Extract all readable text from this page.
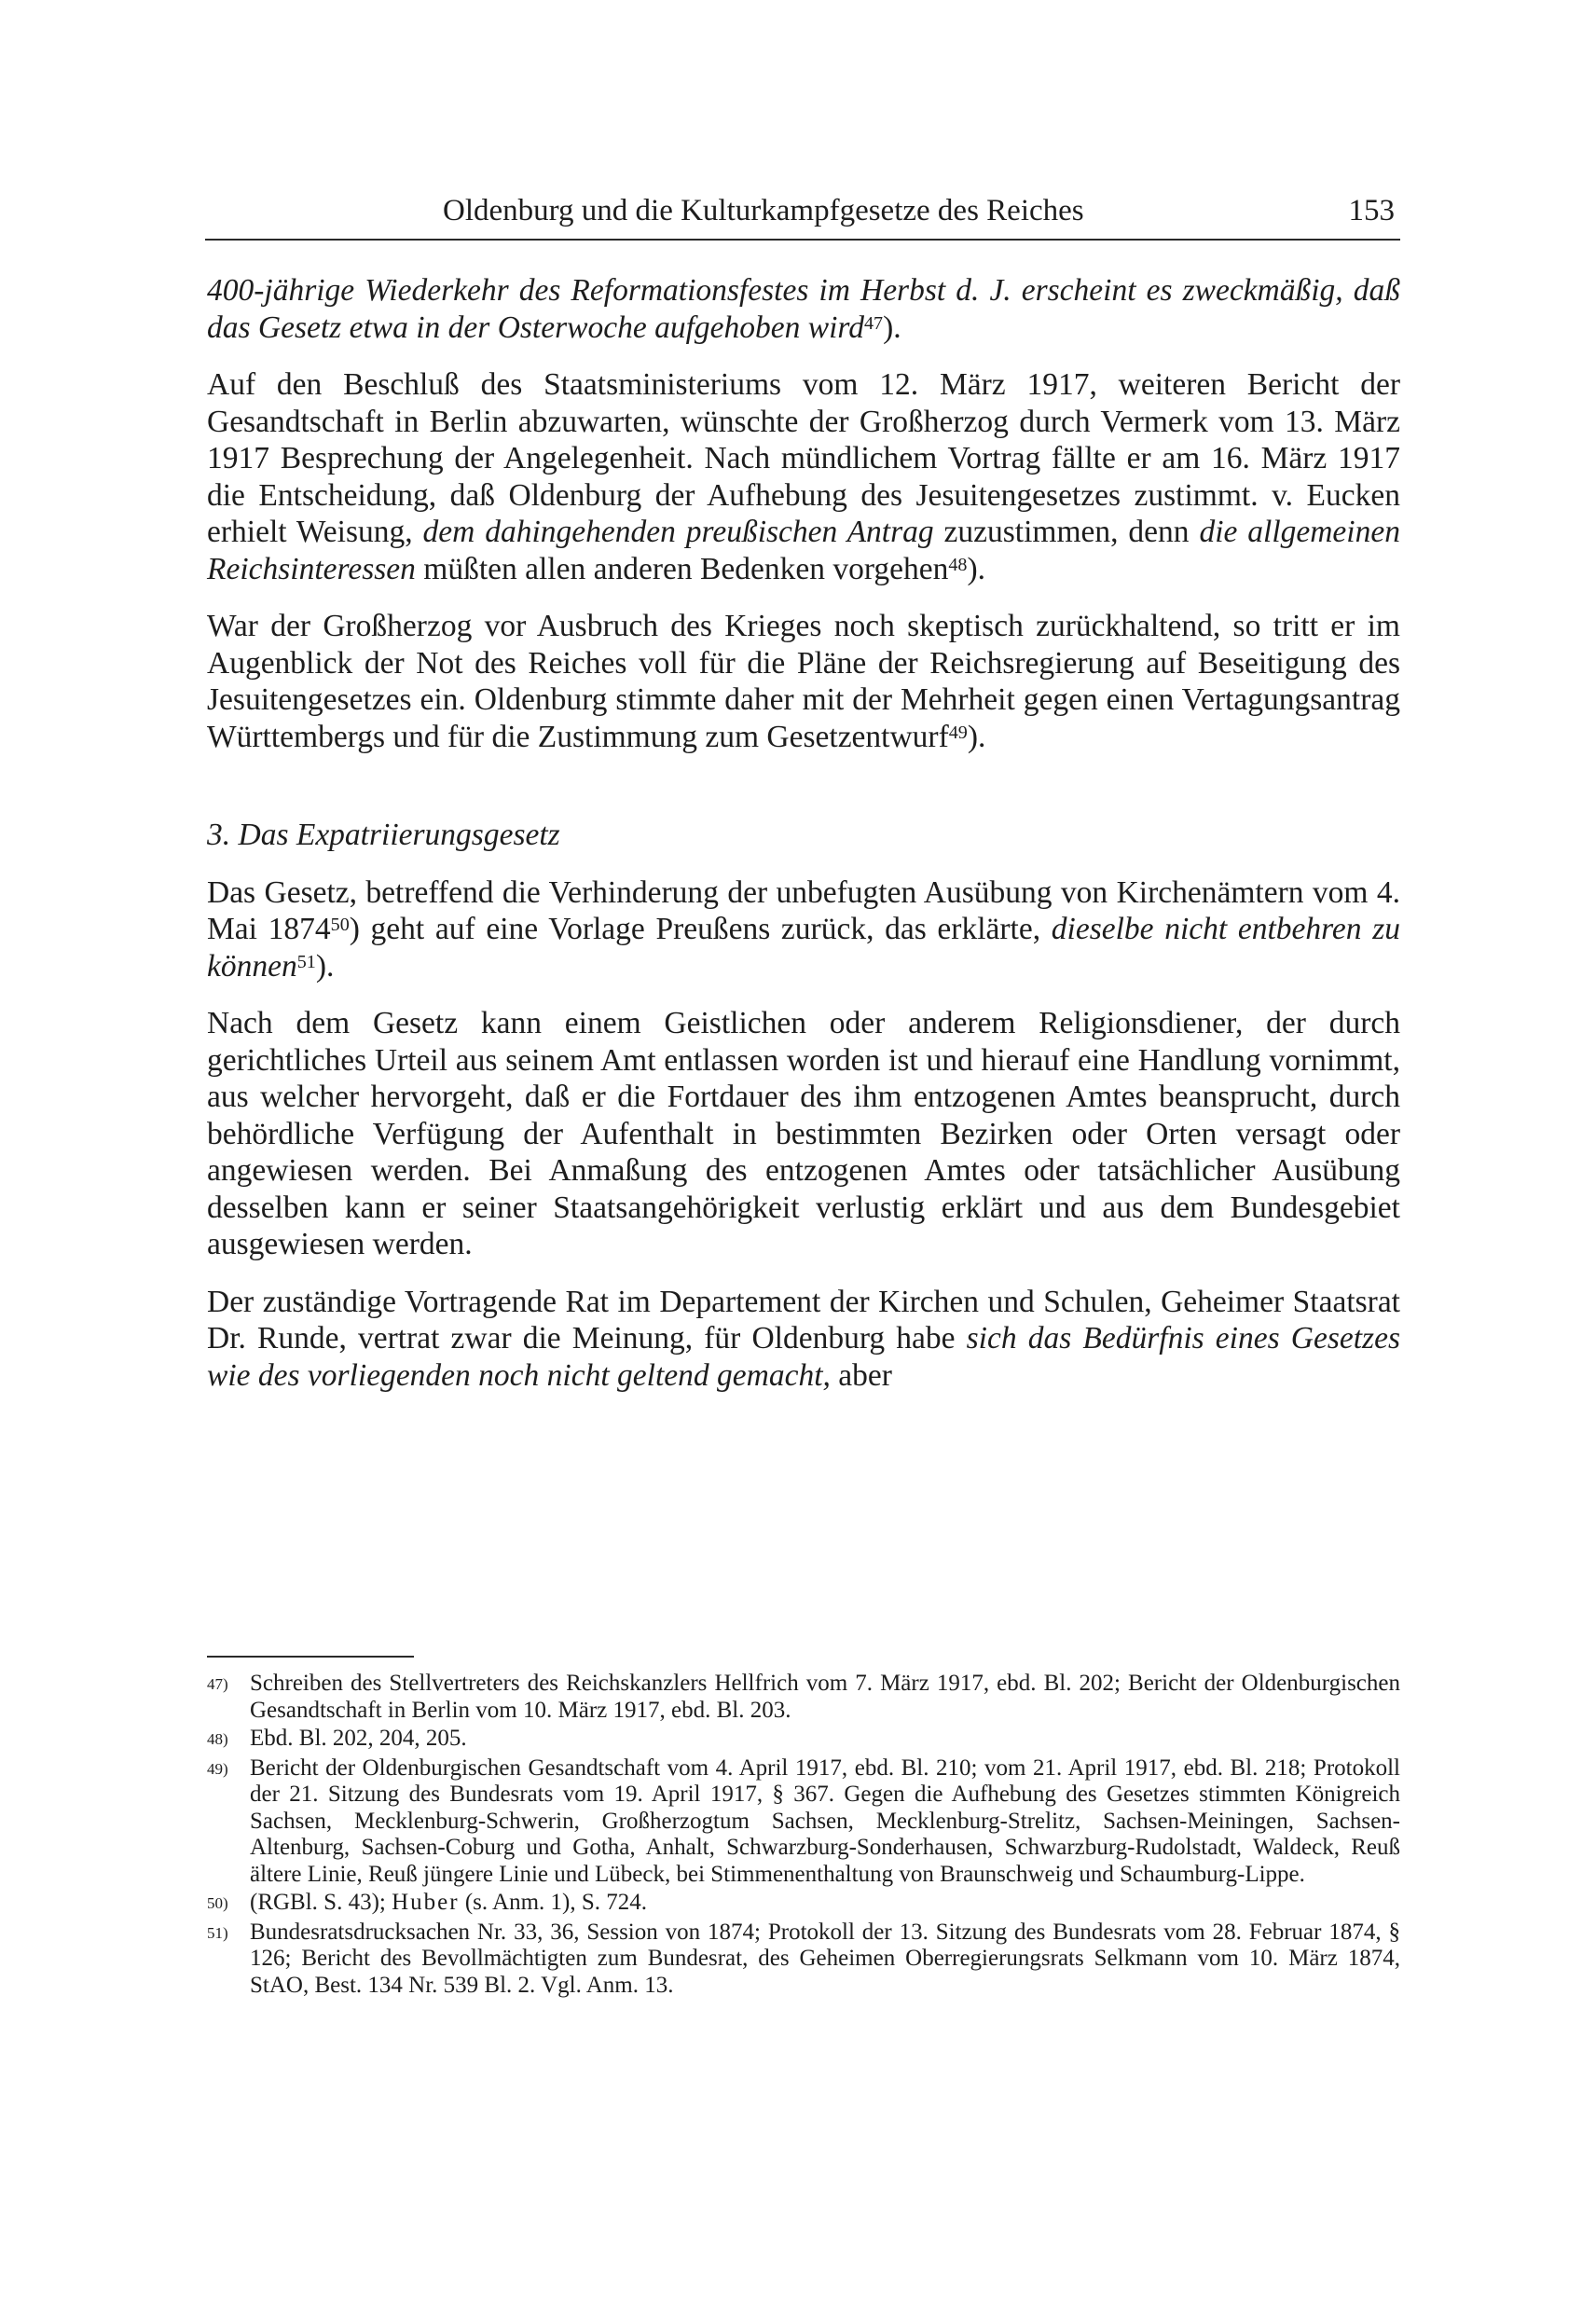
Oldenburg und die Kulturkampfgesetze des Reiches	153

400-jährige Wiederkehr des Reformationsfestes im Herbst d. J. erscheint es zweckmäßig, daß das Gesetz etwa in der Osterwoche aufgehoben wird$^{47}$).

Auf den Beschluß des Staatsministeriums vom 12. März 1917, weiteren Bericht der Gesandtschaft in Berlin abzuwarten, wünschte der Großherzog durch Vermerk vom 13. März 1917 Besprechung der Angelegenheit. Nach mündlichem Vortrag fällte er am 16. März 1917 die Entscheidung, daß Oldenburg der Aufhebung des Jesuitengesetzes zustimmt. v. Eucken erhielt Weisung, dem dahingehenden preußischen Antrag zuzustimmen, denn die allgemeinen Reichsinteressen müßten allen anderen Bedenken vorgehen$^{48}$).

War der Großherzog vor Ausbruch des Krieges noch skeptisch zurückhaltend, so tritt er im Augenblick der Not des Reiches voll für die Pläne der Reichsregierung auf Beseitigung des Jesuitengesetzes ein. Oldenburg stimmte daher mit der Mehrheit gegen einen Vertagungsantrag Württembergs und für die Zustimmung zum Gesetzentwurf$^{49}$).

3. Das Expatriierungsgesetz

Das Gesetz, betreffend die Verhinderung der unbefugten Ausübung von Kirchenämtern vom 4. Mai 1874$^{50}$) geht auf eine Vorlage Preußens zurück, das erklärte, dieselbe nicht entbehren zu können$^{51}$).

Nach dem Gesetz kann einem Geistlichen oder anderem Religionsdiener, der durch gerichtliches Urteil aus seinem Amt entlassen worden ist und hierauf eine Handlung vornimmt, aus welcher hervorgeht, daß er die Fortdauer des ihm entzogenen Amtes beansprucht, durch behördliche Verfügung der Aufenthalt in bestimmten Bezirken oder Orten versagt oder angewiesen werden. Bei Anmaßung des entzogenen Amtes oder tatsächlicher Ausübung desselben kann er seiner Staatsangehörigkeit verlustig erklärt und aus dem Bundesgebiet ausgewiesen werden.

Der zuständige Vortragende Rat im Departement der Kirchen und Schulen, Geheimer Staatsrat Dr. Runde, vertrat zwar die Meinung, für Oldenburg habe sich das Bedürfnis eines Gesetzes wie des vorliegenden noch nicht geltend gemacht, aber

47) Schreiben des Stellvertreters des Reichskanzlers Hellfrich vom 7. März 1917, ebd. Bl. 202; Bericht der Oldenburgischen Gesandtschaft in Berlin vom 10. März 1917, ebd. Bl. 203.
48) Ebd. Bl. 202, 204, 205.
49) Bericht der Oldenburgischen Gesandtschaft vom 4. April 1917, ebd. Bl. 210; vom 21. April 1917, ebd. Bl. 218; Protokoll der 21. Sitzung des Bundesrats vom 19. April 1917, § 367. Gegen die Aufhebung des Gesetzes stimmten Königreich Sachsen, Mecklenburg-Schwerin, Großherzogtum Sachsen, Mecklenburg-Strelitz, Sachsen-Meiningen, Sachsen-Altenburg, Sachsen-Coburg und Gotha, Anhalt, Schwarzburg-Sonderhausen, Schwarzburg-Rudolstadt, Waldeck, Reuß ältere Linie, Reuß jüngere Linie und Lübeck, bei Stimmenenthaltung von Braunschweig und Schaumburg-Lippe.
50) (RGBl. S. 43); Huber (s. Anm. 1), S. 724.
51) Bundesratsdrucksachen Nr. 33, 36, Session von 1874; Protokoll der 13. Sitzung des Bundesrats vom 28. Februar 1874, § 126; Bericht des Bevollmächtigten zum Bundesrat, des Geheimen Oberregierungsrats Selkmann vom 10. März 1874, StAO, Best. 134 Nr. 539 Bl. 2. Vgl. Anm. 13.
